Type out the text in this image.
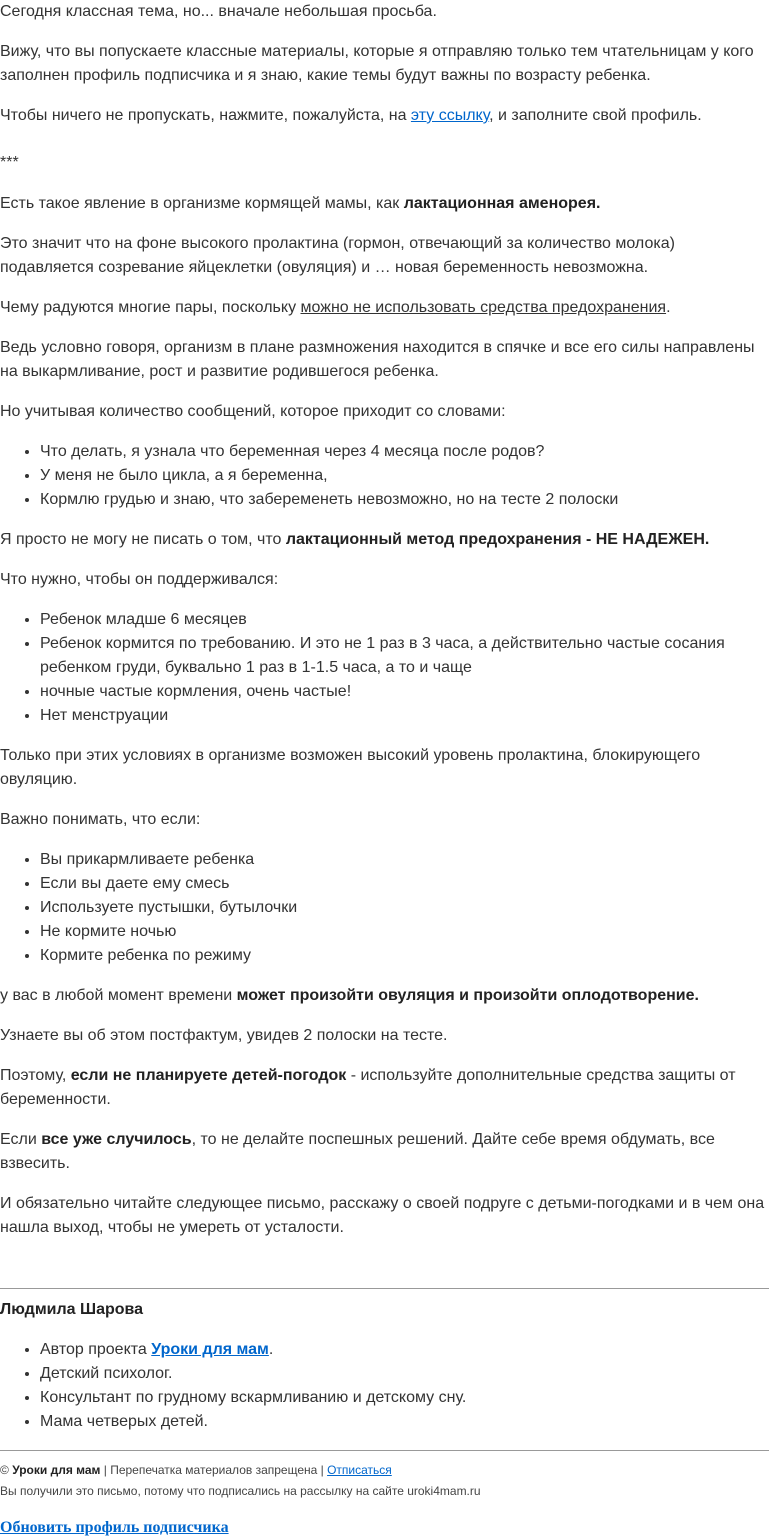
Сегодня классная тема, но... вначале небольшая просьба.

Вижу, что вы попускаете классные материалы, которые я отправляю только тем чтательницам у кого заполнен профиль подписчика и я знаю, какие темы будут важны по возрасту ребенка.

Чтобы ничего не пропускать, нажмите, пожалуйста, на эту ссылку, и заполните свой профиль.

***

Есть такое явление в организме кормящей мамы, как лактационная аменорея.

Это значит что на фоне высокого пролактина (гормон, отвечающий за количество молока) подавляется созревание яйцеклетки (овуляция) и … новая беременность невозможна.

Чему радуются многие пары, поскольку можно не использовать средства предохранения.

Ведь условно говоря, организм в плане размножения находится в спячке и все его силы направлены на выкармливание, рост и развитие родившегося ребенка.

Но учитывая количество сообщений, которое приходит со словами:

• Что делать, я узнала что беременная через 4 месяца после родов?
• У меня не было цикла, а я беременна,
• Кормлю грудью и знаю, что забеременеть невозможно, но на тесте 2 полоски

Я просто не могу не писать о том, что лактационный метод предохранения - НЕ НАДЕЖЕН.

Что нужно, чтобы он поддерживался:

• Ребенок младше 6 месяцев
• Ребенок кормится по требованию. И это не 1 раз в 3 часа, а действительно частые сосания ребенком груди, буквально 1 раз в 1-1.5 часа, а то и чаще
• ночные частые кормления, очень частые!
• Нет менструации

Только при этих условиях в организме возможен высокий уровень пролактина, блокирующего овуляцию.

Важно понимать, что если:

• Вы прикармливаете ребенка
• Если вы даете ему смесь
• Используете пустышки, бутылочки
• Не кормите ночью
• Кормите ребенка по режиму

у вас в любой момент времени может произойти овуляция и произойти оплодотворение.

Узнаете вы об этом постфактум, увидев 2 полоски на тесте.

Поэтому, если не планируете детей-погодок - используйте дополнительные средства защиты от беременности.

Если все уже случилось, то не делайте поспешных решений. Дайте себе время обдумать, все взвесить.

И обязательно читайте следующее письмо, расскажу о своей подруге с детьми-погодками и в чем она нашла выход, чтобы не умереть от усталости.

Людмила Шарова

• Автор проекта Уроки для мам.
• Детский психолог.
• Консультант по грудному вскармливанию и детскому сну.
• Мама четверых детей.

© Уроки для мам | Перепечатка материалов запрещена | Отписаться

Вы получили это письмо, потому что подписались на рассылку на сайте uroki4mam.ru

Обновить профиль подписчика
